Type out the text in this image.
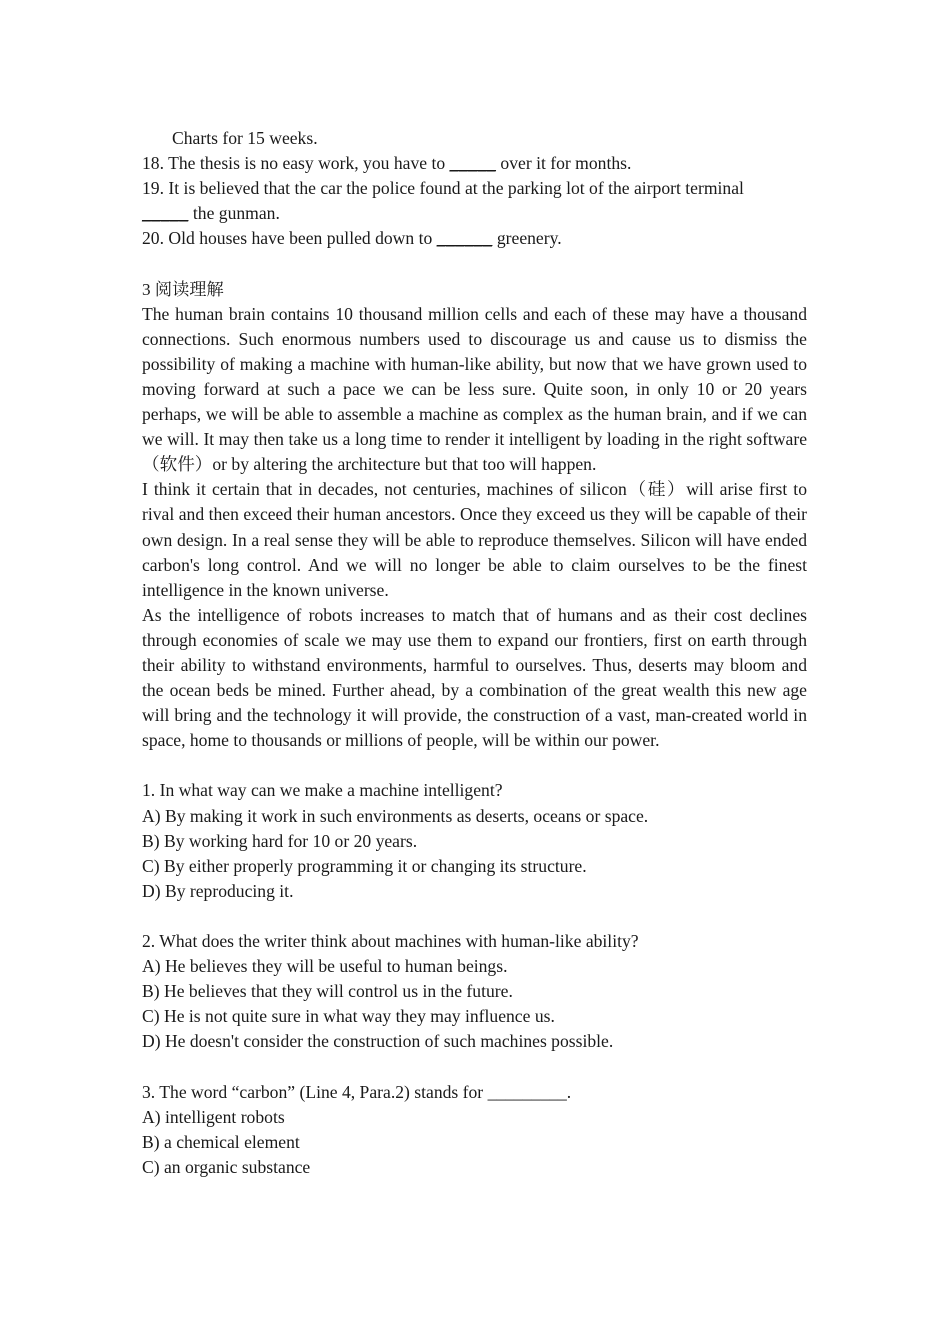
Charts for 15 weeks.
18. The thesis is no easy work, you have to _____ over it for months.
19. It is believed that the car the police found at the parking lot of the airport terminal
_____ the gunman.
20. Old houses have been pulled down to ______ greenery.
3 阅读理解

The human brain contains 10 thousand million cells and each of these may have a thousand connections. Such enormous numbers used to discourage us and cause us to dismiss the possibility of making a machine with human-like ability, but now that we have grown used to moving forward at such a pace we can be less sure. Quite soon, in only 10 or 20 years perhaps, we will be able to assemble a machine as complex as the human brain, and if we can we will. It may then take us a long time to render it intelligent by loading in the right software（软件）or by altering the architecture but that too will happen.

I think it certain that in decades, not centuries, machines of silicon（硅）will arise first to rival and then exceed their human ancestors. Once they exceed us they will be capable of their own design. In a real sense they will be able to reproduce themselves. Silicon will have ended carbon's long control. And we will no longer be able to claim ourselves to be the finest intelligence in the known universe.

As the intelligence of robots increases to match that of humans and as their cost declines through economies of scale we may use them to expand our frontiers, first on earth through their ability to withstand environments, harmful to ourselves. Thus, deserts may bloom and the ocean beds be mined. Further ahead, by a combination of the great wealth this new age will bring and the technology it will provide, the construction of a vast, man-created world in space, home to thousands or millions of people, will be within our power.

1. In what way can we make a machine intelligent?
A) By making it work in such environments as deserts, oceans or space.
B) By working hard for 10 or 20 years.
C) By either properly programming it or changing its structure.
D) By reproducing it.
2. What does the writer think about machines with human-like ability?
A) He believes they will be useful to human beings.
B) He believes that they will control us in the future.
C) He is not quite sure in what way they may influence us.
D) He doesn't consider the construction of such machines possible.
3. The word “carbon” (Line 4, Para.2) stands for _________.
A) intelligent robots
B) a chemical element
C) an organic substance
